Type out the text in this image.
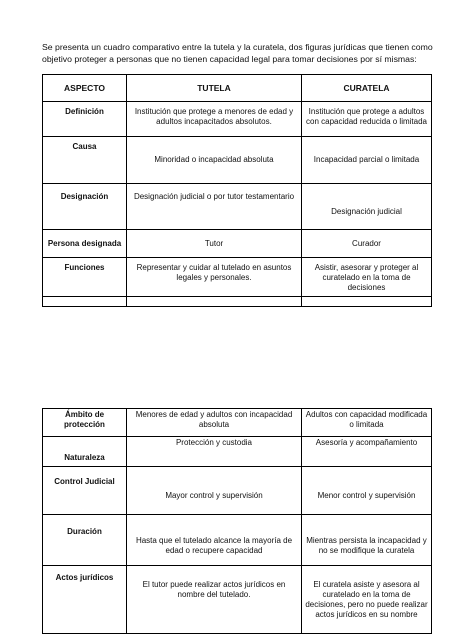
Se presenta un cuadro comparativo entre la tutela y la curatela, dos figuras jurídicas que tienen como objetivo proteger a personas que no tienen capacidad legal para tomar decisiones por sí mismas:
ASPECTO	TUTELA	CURATELA
Definición	Institución que protege a menores de edad y adultos incapacitados absolutos.	Institución que protege a adultos con capacidad reducida o limitada
Causa	Minoridad o incapacidad absoluta	Incapacidad parcial o limitada
Designación	Designación judicial o por tutor testamentario	Designación judicial
Persona designada	Tutor	Curador
Funciones	Representar y cuidar al tutelado en asuntos legales y personales.	Asistir, asesorar y proteger al curatelado en la toma de decisiones

Ámbito de protección	Menores de edad y adultos con incapacidad absoluta	Adultos con capacidad modificada o limitada
Naturaleza	Protección y custodia	Asesoría y acompañamiento
Control Judicial	Mayor control y supervisión	Menor control y supervisión
Duración	Hasta que el tutelado alcance la mayoría de edad o recupere capacidad	Mientras persista la incapacidad y no se modifique la curatela
Actos jurídicos	El tutor puede realizar actos jurídicos en nombre del tutelado.	El curatela asiste y asesora al curatelado en la toma de decisiones, pero no puede realizar actos jurídicos en su nombre
